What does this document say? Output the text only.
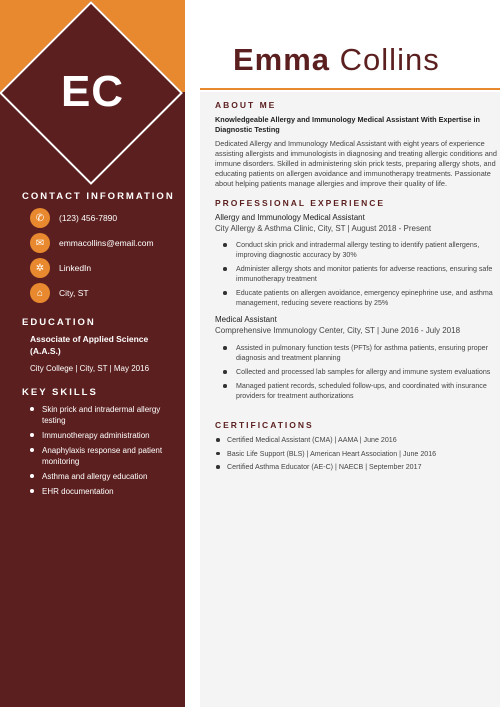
EC
CONTACT INFORMATION
✆	(123) 456-7890
✉	emmacollins@email.com
✲	LinkedIn
⌂	City, ST
EDUCATION
Associate of Applied Science (A.A.S.)
City College | City, ST | May 2016
KEY SKILLS
Skin prick and intradermal allergy testing
Immunotherapy administration
Anaphylaxis response and patient monitoring
Asthma and allergy education
EHR documentation
Emma Collins
ABOUT ME
Knowledgeable Allergy and Immunology Medical Assistant With Expertise in Diagnostic Testing
Dedicated Allergy and Immunology Medical Assistant with eight years of experience assisting allergists and immunologists in diagnosing and treating allergic conditions and immune disorders. Skilled in administering skin prick tests, preparing allergy shots, and educating patients on allergen avoidance and immunotherapy treatments. Passionate about helping patients manage allergies and improve their quality of life.
PROFESSIONAL EXPERIENCE
Allergy and Immunology Medical Assistant
City Allergy & Asthma Clinic, City, ST | August 2018 - Present
Conduct skin prick and intradermal allergy testing to identify patient allergens, improving diagnostic accuracy by 30%
Administer allergy shots and monitor patients for adverse reactions, ensuring safe immunotherapy treatment
Educate patients on allergen avoidance, emergency epinephrine use, and asthma management, reducing severe reactions by 25%
Medical Assistant
Comprehensive Immunology Center, City, ST | June 2016 - July 2018
Assisted in pulmonary function tests (PFTs) for asthma patients, ensuring proper diagnosis and treatment planning
Collected and processed lab samples for allergy and immune system evaluations
Managed patient records, scheduled follow-ups, and coordinated with insurance providers for treatment authorizations
CERTIFICATIONS
Certified Medical Assistant (CMA) | AAMA | June 2016
Basic Life Support (BLS) | American Heart Association | June 2016
Certified Asthma Educator (AE-C) | NAECB | September 2017
